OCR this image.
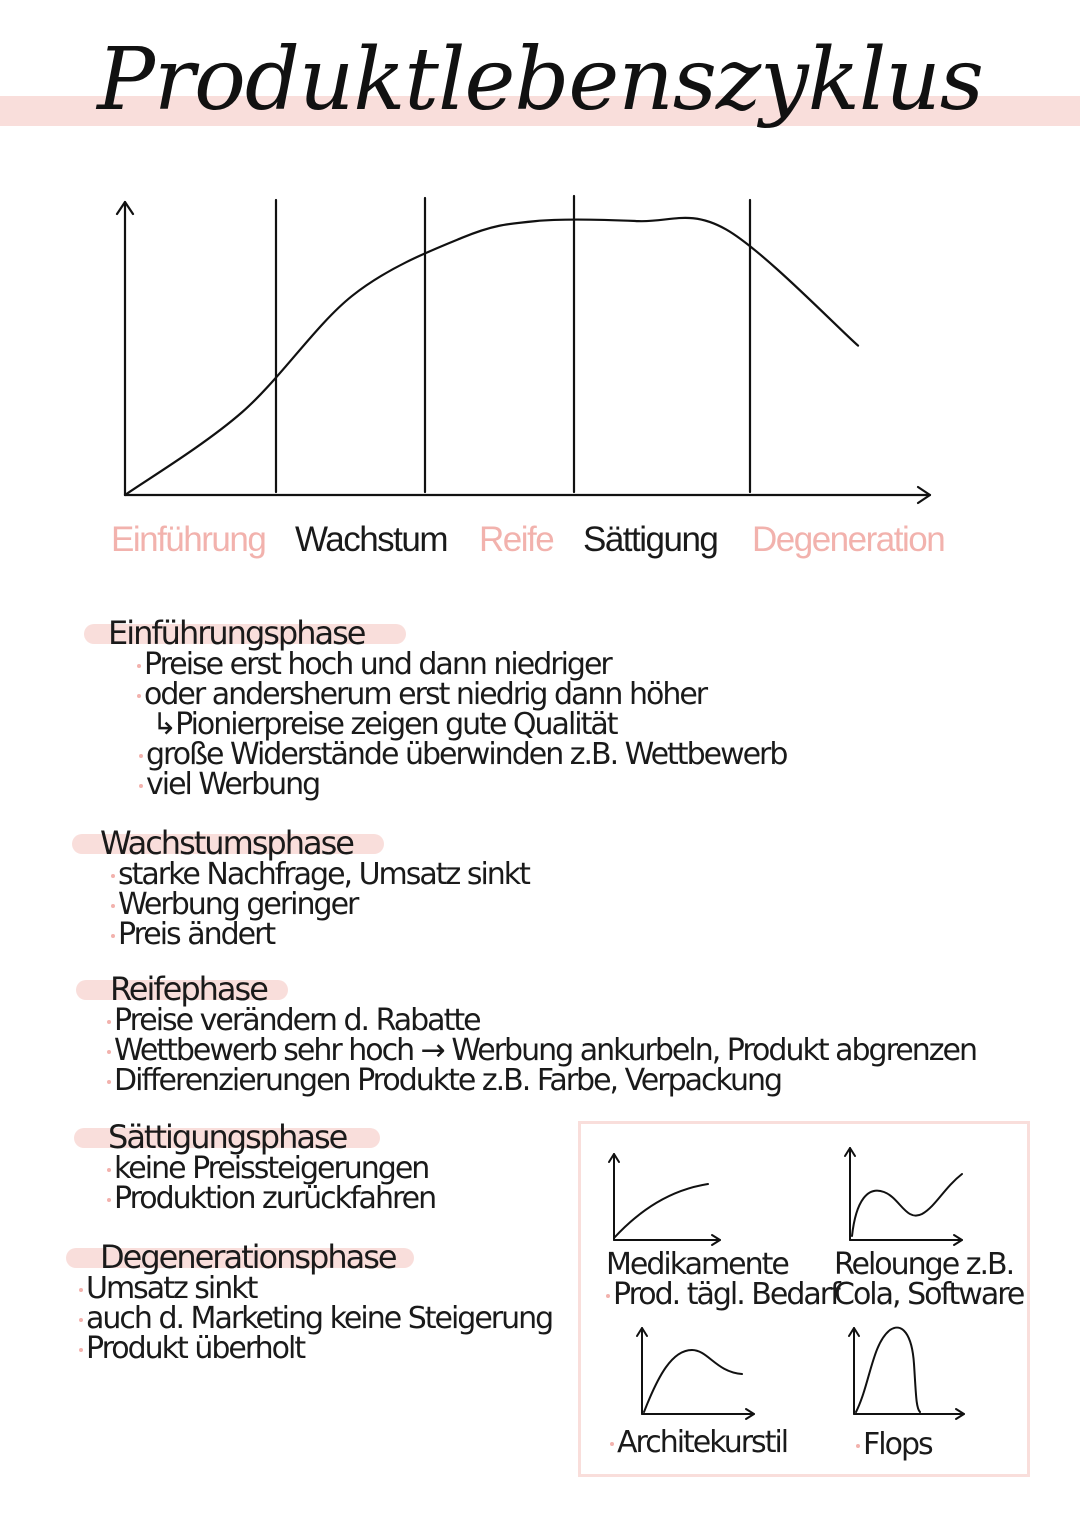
Produktlebenszyklus
Einführung Wachstum Reife Sättigung Degeneration
Einführungsphase
Preise erst hoch und dann niedriger
oder andersherum erst niedrig dann höher
↳Pionierpreise zeigen gute Qualität
große Widerstände überwinden z.B. Wettbewerb
viel Werbung
Wachstumsphase
starke Nachfrage, Umsatz sinkt
Werbung geringer
Preis ändert
Reifephase
Preise verändern d. Rabatte
Wettbewerb sehr hoch → Werbung ankurbeln, Produkt abgrenzen
Differenzierungen Produkte z.B. Farbe, Verpackung
Sättigungsphase
keine Preissteigerungen
Produktion zurückfahren
Degenerationsphase
Umsatz sinkt
auch d. Marketing keine Steigerung
Produkt überholt
Medikamente
Prod. tägl. Bedarf
Relounge z.B.
Cola, Software
Architekurstil	Flops
